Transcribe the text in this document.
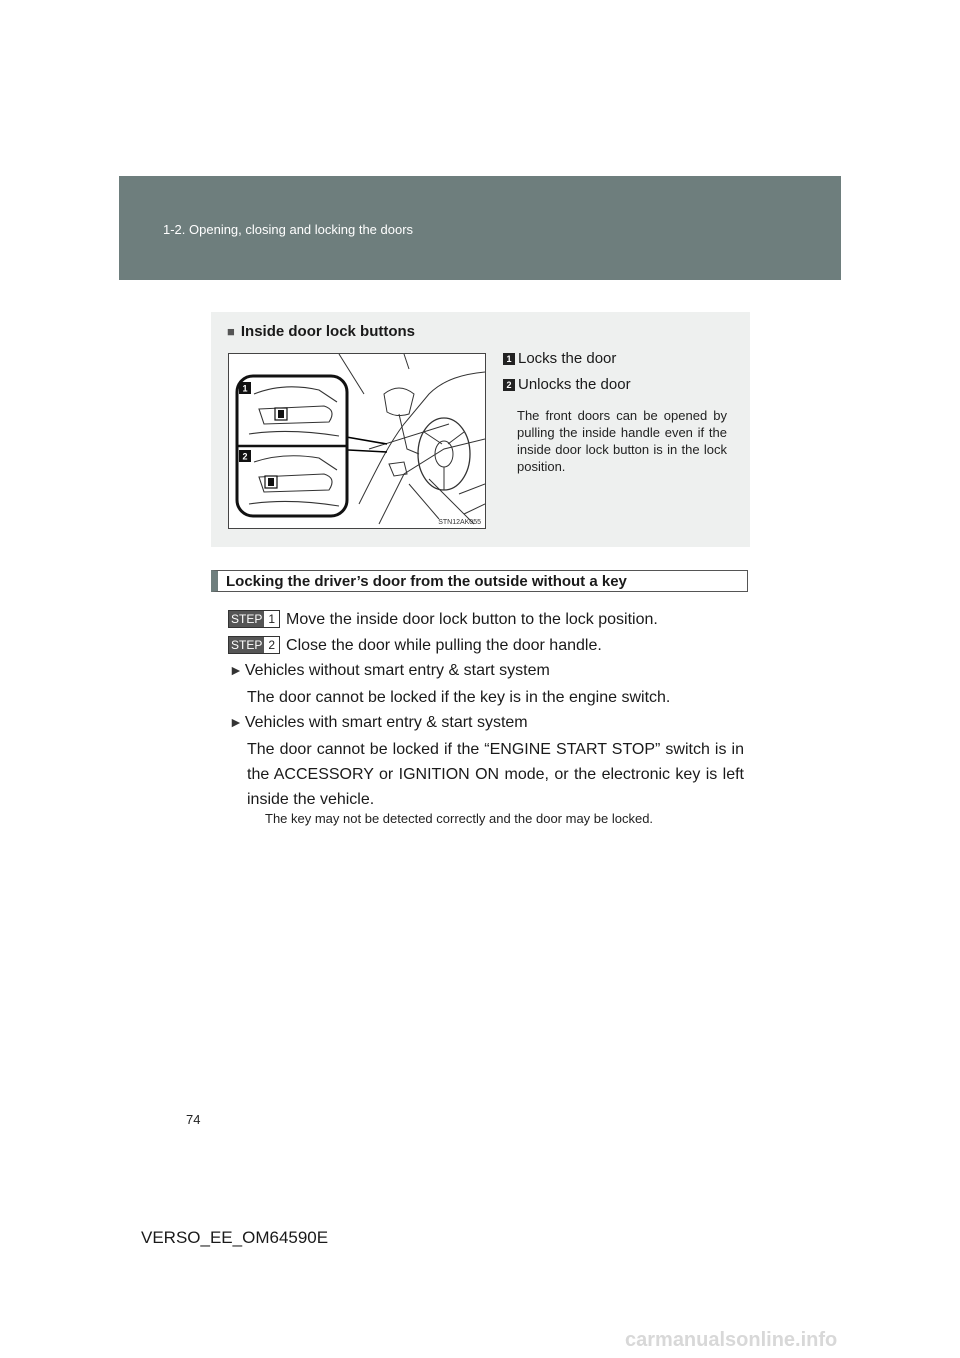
1-2. Opening, closing and locking the doors
■ Inside door lock buttons
1
2
STN12AK055
1 Locks the door
2 Unlocks the door
The front doors can be opened by pulling the inside handle even if the inside door lock button is in the lock position.
Locking the driver’s door from the outside without a key
STEP 1 Move the inside door lock button to the lock position.
STEP 2 Close the door while pulling the door handle.
► Vehicles without smart entry & start system
The door cannot be locked if the key is in the engine switch.
► Vehicles with smart entry & start system
The door cannot be locked if the “ENGINE START STOP” switch is in the ACCESSORY or IGNITION ON mode, or the electronic key is left inside the vehicle.
The key may not be detected correctly and the door may be locked.
74
VERSO_EE_OM64590E
carmanualsonline.info
